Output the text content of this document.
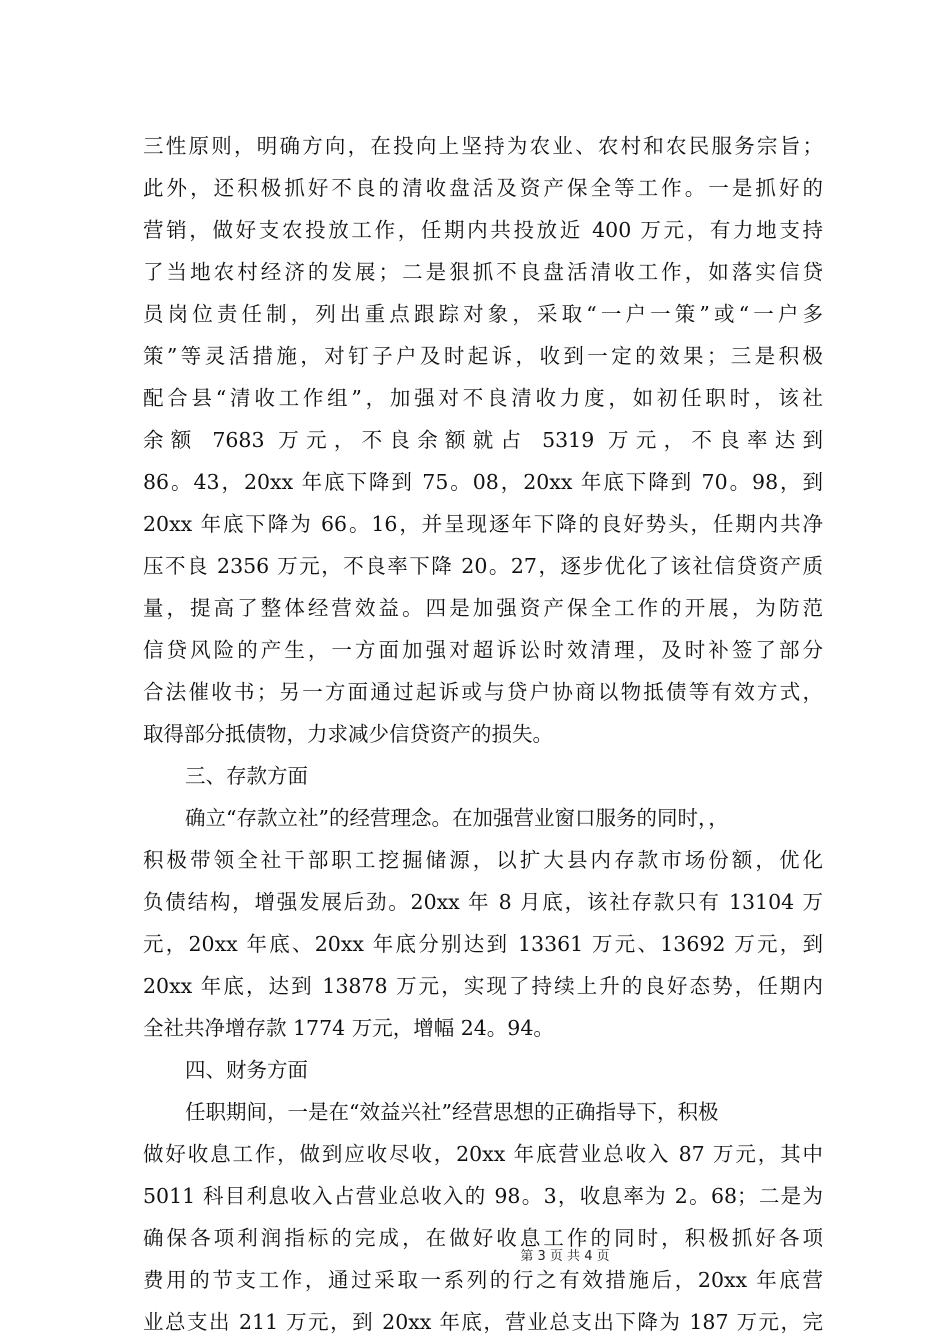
三性原则，明确方向，在投向上坚持为农业、农村和农民服务宗旨；
此外，还积极抓好不良的清收盘活及资产保全等工作。一是抓好的
营销，做好支农投放工作，任期内共投放近 400 万元，有力地支持
了当地农村经济的发展；二是狠抓不良盘活清收工作，如落实信贷
员岗位责任制，列出重点跟踪对象，采取“一户一策”或“一户多
策”等灵活措施，对钉子户及时起诉，收到一定的效果；三是积极
配合县“清收工作组”，加强对不良清收力度，如初任职时，该社
余额 7683 万元，不良余额就占 5319 万元，不良率达到
86。43，20xx 年底下降到 75。08，20xx 年底下降到 70。98，到
20xx 年底下降为 66。16，并呈现逐年下降的良好势头，任期内共净
压不良 2356 万元，不良率下降 20。27，逐步优化了该社信贷资产质
量，提高了整体经营效益。四是加强资产保全工作的开展，为防范
信贷风险的产生，一方面加强对超诉讼时效清理，及时补签了部分
合法催收书；另一方面通过起诉或与贷户协商以物抵债等有效方式，
取得部分抵债物，力求减少信贷资产的损失。
三、存款方面
确立“存款立社”的经营理念。在加强营业窗口服务的同时，，
积极带领全社干部职工挖掘储源，以扩大县内存款市场份额，优化
负债结构，增强发展后劲。20xx 年 8 月底，该社存款只有 13104 万
元，20xx 年底、20xx 年底分别达到 13361 万元、13692 万元，到
20xx 年底，达到 13878 万元，实现了持续上升的良好态势，任期内
全社共净增存款 1774 万元，增幅 24。94。
四、财务方面
任职期间，一是在“效益兴社”经营思想的正确指导下，积极
做好收息工作，做到应收尽收，20xx 年底营业总收入 87 万元，其中
5011 科目利息收入占营业总收入的 98。3，收息率为 2。68；二是为
确保各项利润指标的完成，在做好收息工作的同时，积极抓好各项
费用的节支工作，通过采取一系列的行之有效措施后，20xx 年底营
业总支出 211 万元，到 20xx 年底，营业总支出下降为 187 万元，完
第 3 页 共 4 页
